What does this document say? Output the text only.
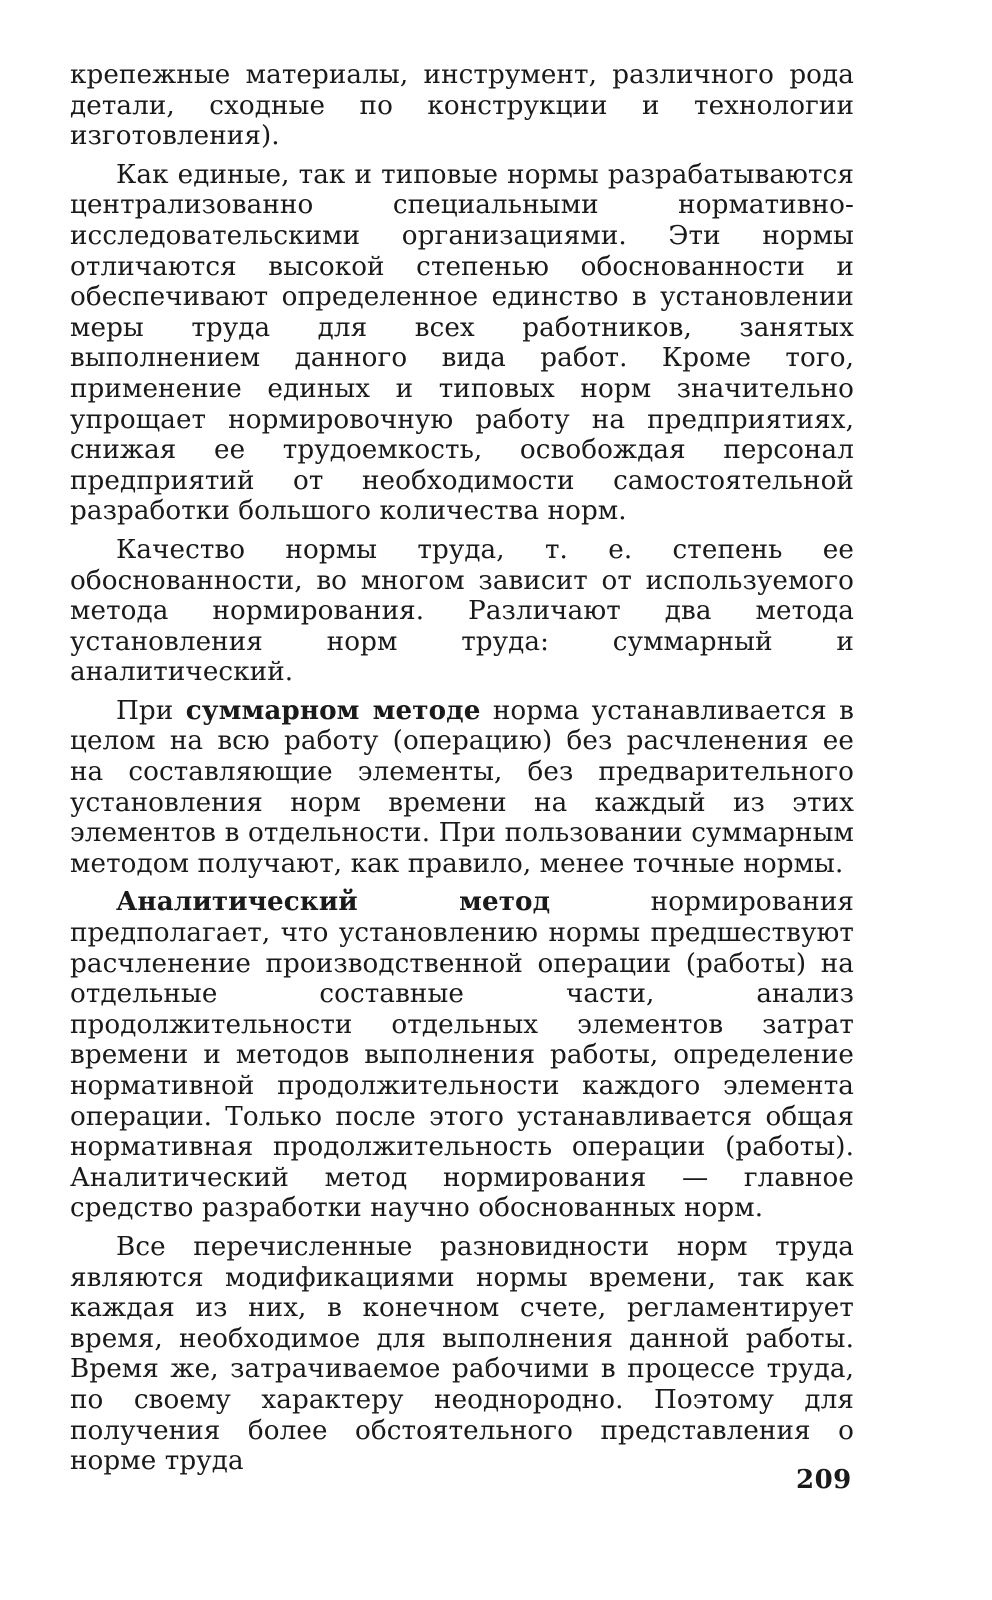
крепежные материалы, инструмент, различного рода детали, сходные по конструкции и технологии изготовления).

Как единые, так и типовые нормы разрабатываются централизованно специальными нормативно-исследовательскими организациями. Эти нормы отличаются высокой степенью обоснованности и обеспечивают определенное единство в установлении меры труда для всех работников, занятых выполнением данного вида работ. Кроме того, применение единых и типовых норм значительно упрощает нормировочную работу на предприятиях, снижая ее трудоемкость, освобождая персонал предприятий от необходимости самостоятельной разработки большого количества норм.

Качество нормы труда, т. е. степень ее обоснованности, во многом зависит от используемого метода нормирования. Различают два метода установления норм труда: суммарный и аналитический.

При суммарном методе норма устанавливается в целом на всю работу (операцию) без расчленения ее на составляющие элементы, без предварительного установления норм времени на каждый из этих элементов в отдельности. При пользовании суммарным методом получают, как правило, менее точные нормы.

Аналитический метод нормирования предполагает, что установлению нормы предшествуют расчленение производственной операции (работы) на отдельные составные части, анализ продолжительности отдельных элементов затрат времени и методов выполнения работы, определение нормативной продолжительности каждого элемента операции. Только после этого устанавливается общая нормативная продолжительность операции (работы). Аналитический метод нормирования — главное средство разработки научно обоснованных норм.

Все перечисленные разновидности норм труда являются модификациями нормы времени, так как каждая из них, в конечном счете, регламентирует время, необходимое для выполнения данной работы. Время же, затрачиваемое рабочими в процессе труда, по своему характеру неоднородно. Поэтому для получения более обстоятельного представления о норме труда

209
